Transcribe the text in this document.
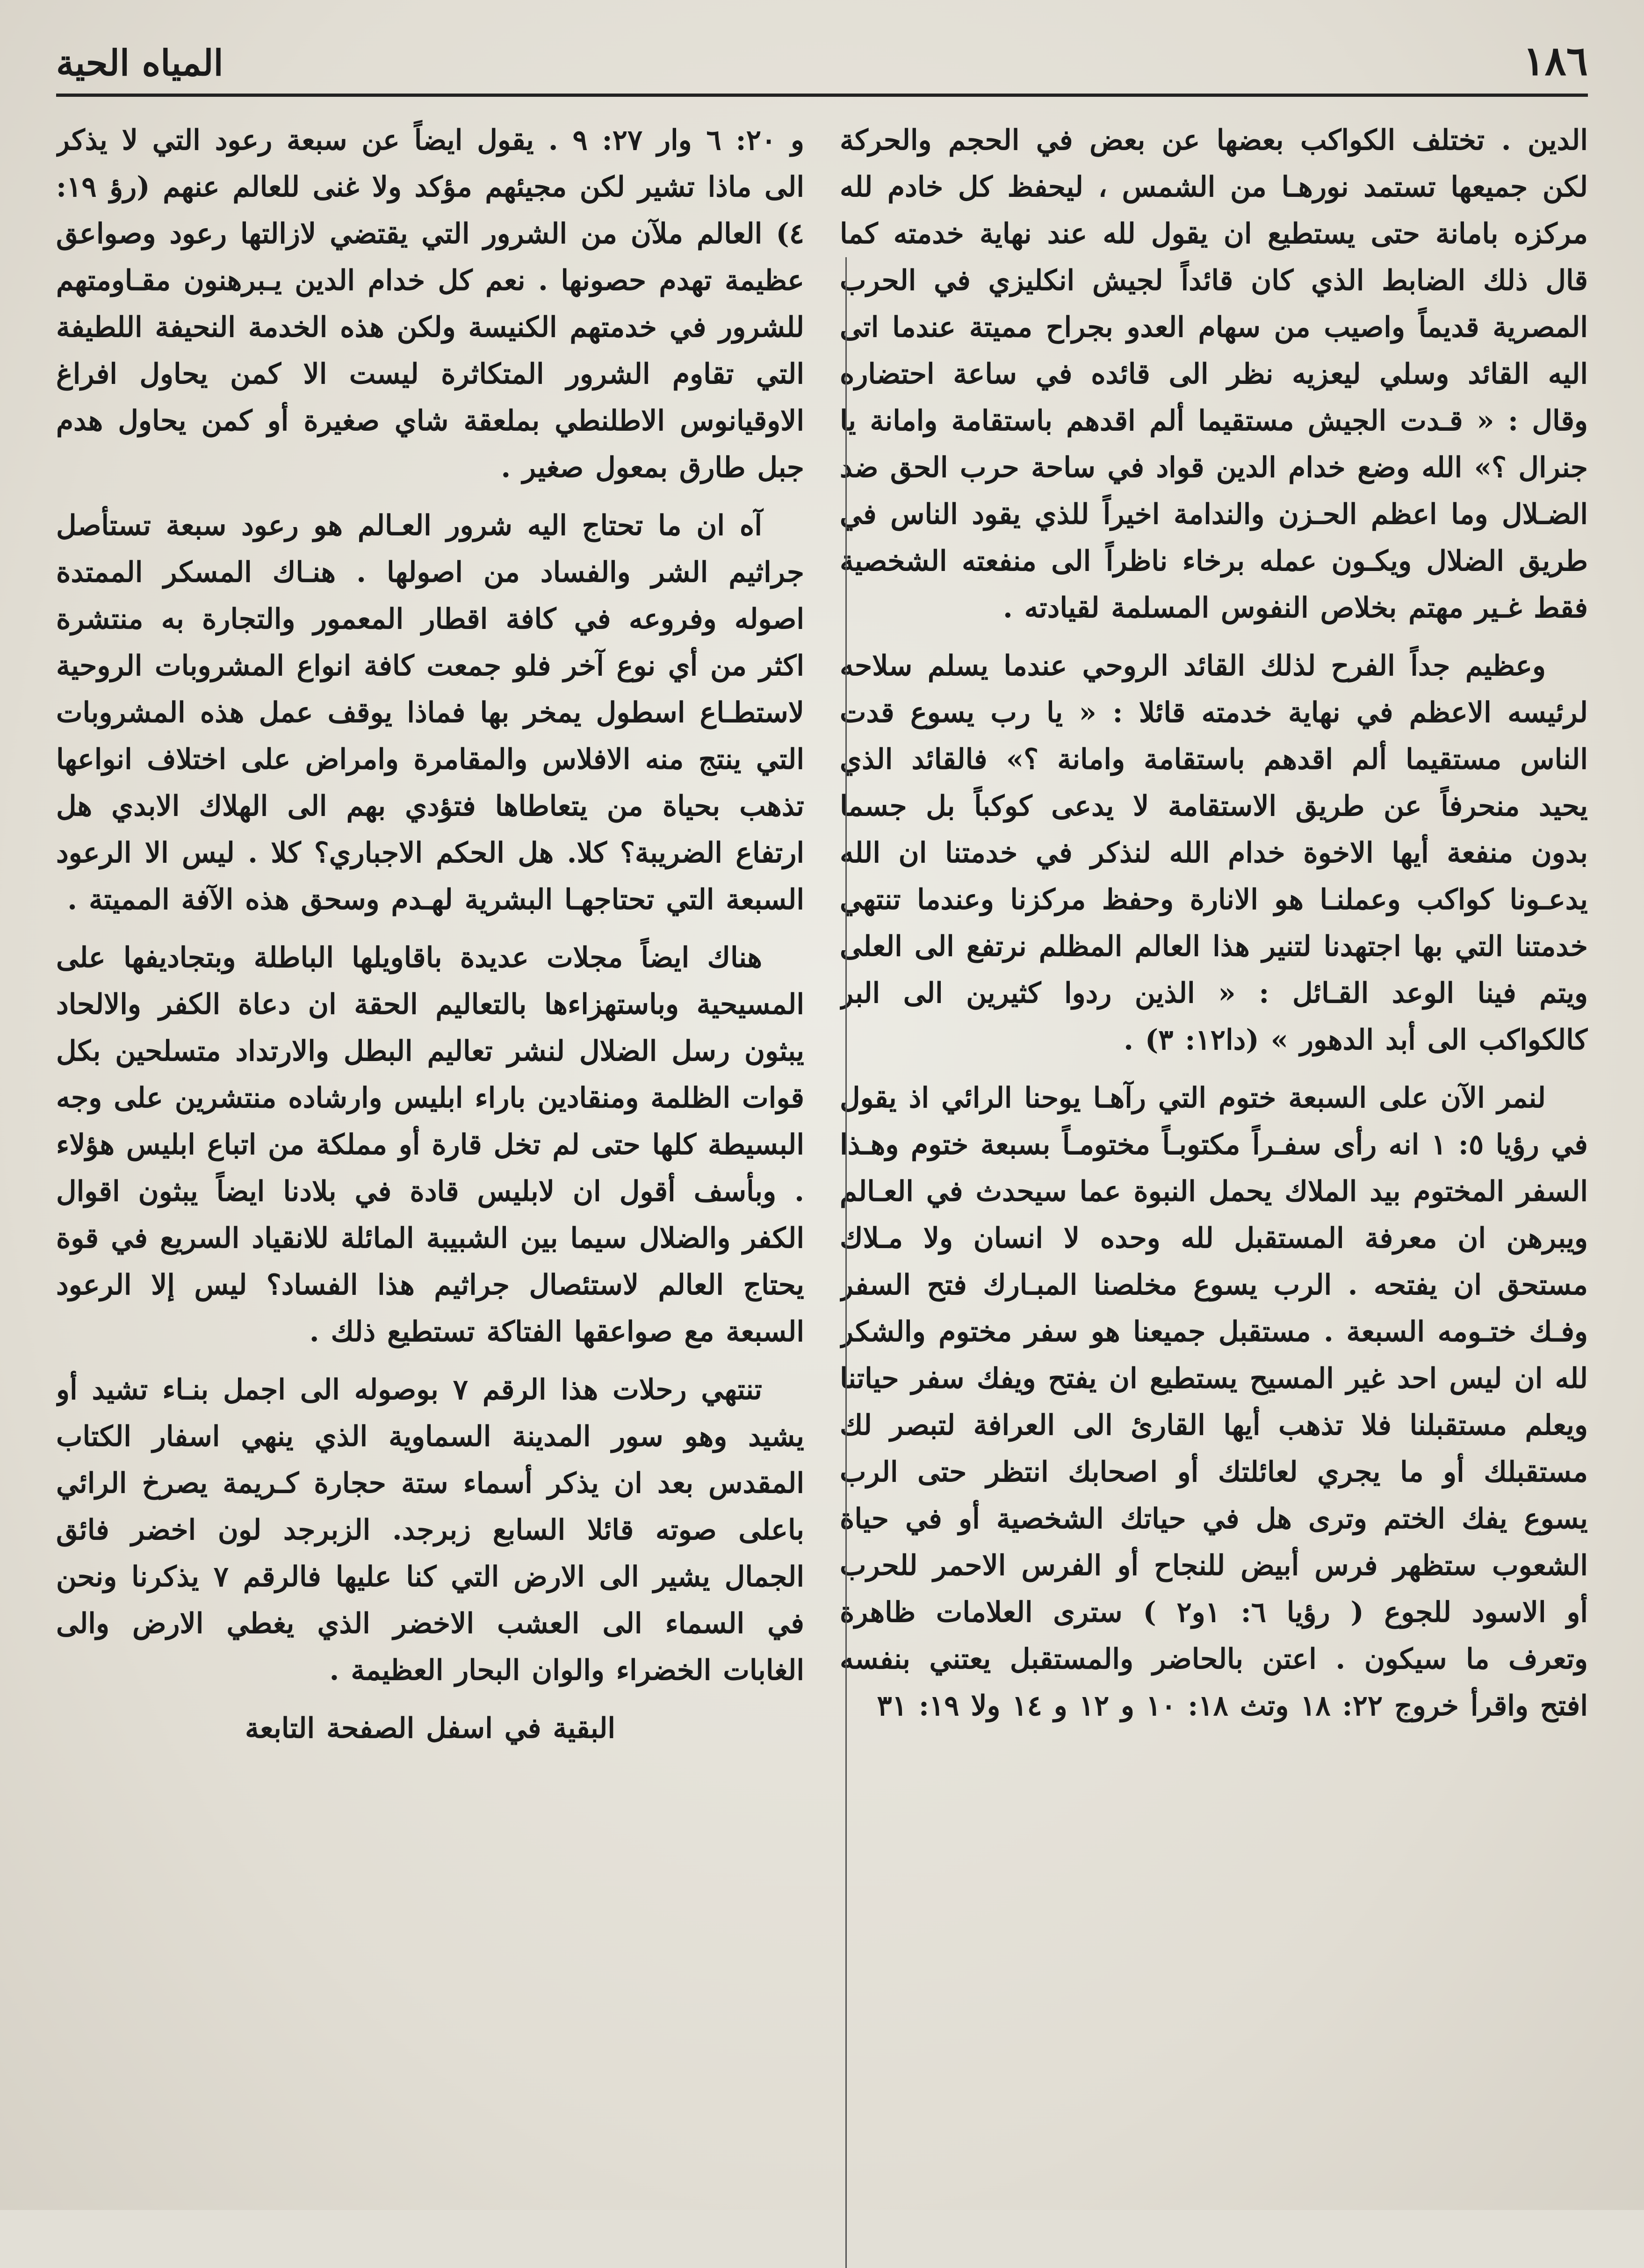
١٨٦
المياه الحية

الدين . تختلف الكواكب بعضها عن بعض في الحجم والحركة لكن جميعها تستمد نورهـا من الشمس ، ليحفظ كل خادم لله مركزه بامانة حتى يستطيع ان يقول لله عند نهاية خدمته كما قال ذلك الضابط الذي كان قائداً لجيش انكليزي في الحرب المصرية قديماً واصيب من سهام العدو بجراح مميتة عندما اتى اليه القائد وسلي ليعزيه نظر الى قائده في ساعة احتضاره وقال : « قـدت الجيش مستقيما ألم اقدهم باستقامة وامانة يا جنرال ؟» الله وضع خدام الدين قواد في ساحة حرب الحق ضد الضـلال وما اعظم الحـزن والندامة اخيراً للذي يقود الناس في طريق الضلال ويكـون عمله برخاء ناظراً الى منفعته الشخصية فقط غـير مهتم بخلاص النفوس المسلمة لقيادته .

وعظيم جداً الفرح لذلك القائد الروحي عندما يسلم سلاحه لرئيسه الاعظم في نهاية خدمته قائلا : « يا رب يسوع قدت الناس مستقيما ألم اقدهم باستقامة وامانة ؟» فالقائد الذي يحيد منحرفاً عن طريق الاستقامة لا يدعى كوكباً بل جسما بدون منفعة أيها الاخوة خدام الله لنذكر في خدمتنا ان الله يدعـونا كواكب وعملنـا هو الانارة وحفظ مركزنا وعندما تنتهي خدمتنا التي بها اجتهدنا لتنير هذا العالم المظلم نرتفع الى العلى ويتم فينا الوعد القـائل : « الذين ردوا كثيرين الى البر كالكواكب الى أبد الدهور » (دا١٢: ٣) .

لنمر الآن على السبعة ختوم التي رآهـا يوحنا الرائي اذ يقول في رؤيا ٥: ١ انه رأى سفـراً مكتوبـاً مختومـاً بسبعة ختوم وهـذا السفر المختوم بيد الملاك يحمل النبوة عما سيحدث في العـالم ويبرهن ان معرفة المستقبل لله وحده لا انسان ولا مـلاك مستحق ان يفتحه . الرب يسوع مخلصنا المبـارك فتح السفر وفـك ختـومه السبعة . مستقبل جميعنا هو سفر مختوم والشكر لله ان ليس احد غير المسيح يستطيع ان يفتح ويفك سفر حياتنا ويعلم مستقبلنا فلا تذهب أيها القارئ الى العرافة لتبصر لك مستقبلك أو ما يجري لعائلتك أو اصحابك انتظر حتى الرب يسوع يفك الختم وترى هل في حياتك الشخصية أو في حياة الشعوب ستظهر فرس أبيض للنجاح أو الفرس الاحمر للحرب أو الاسود للجوع ( رؤيا ٦: ١و٢ ) سترى العلامات ظاهرة وتعرف ما سيكون . اعتن بالحاضر والمستقبل يعتني بنفسه افتح واقرأ خروج ٢٢: ١٨ وتث ١٨: ١٠ و ١٢ و ١٤ ولا ١٩: ٣١

و ٢٠: ٦ وار ٢٧: ٩ . يقول ايضاً عن سبعة رعود التي لا يذكر الى ماذا تشير لكن مجيئهم مؤكد ولا غنى للعالم عنهم (رؤ ١٩: ٤) العالم ملآن من الشرور التي يقتضي لازالتها رعود وصواعق عظيمة تهدم حصونها . نعم كل خدام الدين يـبرهنون مقـاومتهم للشرور في خدمتهم الكنيسة ولكن هذه الخدمة النحيفة اللطيفة التي تقاوم الشرور المتكاثرة ليست الا كمن يحاول افراغ الاوقيانوس الاطلنطي بملعقة شاي صغيرة أو كمن يحاول هدم جبل طارق بمعول صغير .

آه ان ما تحتاج اليه شرور العـالم هو رعود سبعة تستأصل جراثيم الشر والفساد من اصولها . هنـاك المسكر الممتدة اصوله وفروعه في كافة اقطار المعمور والتجارة به منتشرة اكثر من أي نوع آخر فلو جمعت كافة انواع المشروبات الروحية لاستطـاع اسطول يمخر بها فماذا يوقف عمل هذه المشروبات التي ينتج منه الافلاس والمقامرة وامراض على اختلاف انواعها تذهب بحياة من يتعاطاها فتؤدي بهم الى الهلاك الابدي هل ارتفاع الضريبة؟ كلا. هل الحكم الاجباري؟ كلا . ليس الا الرعود السبعة التي تحتاجهـا البشرية لهـدم وسحق هذه الآفة المميتة .

هناك ايضاً مجلات عديدة باقاويلها الباطلة وبتجاديفها على المسيحية وباستهزاءها بالتعاليم الحقة ان دعاة الكفر والالحاد يبثون رسل الضلال لنشر تعاليم البطل والارتداد متسلحين بكل قوات الظلمة ومنقادين باراء ابليس وارشاده منتشرين على وجه البسيطة كلها حتى لم تخل قارة أو مملكة من اتباع ابليس هؤلاء . وبأسف أقول ان لابليس قادة في بلادنا ايضاً يبثون اقوال الكفر والضلال سيما بين الشبيبة المائلة للانقياد السريع في قوة يحتاج العالم لاستئصال جراثيم هذا الفساد؟ ليس إلا الرعود السبعة مع صواعقها الفتاكة تستطيع ذلك .

تنتهي رحلات هذا الرقم ٧ بوصوله الى اجمل بنـاء تشيد أو يشيد وهو سور المدينة السماوية الذي ينهي اسفار الكتاب المقدس بعد ان يذكر أسماء ستة حجارة كـريمة يصرخ الرائي باعلى صوته قائلا السابع زبرجد. الزبرجد لون اخضر فائق الجمال يشير الى الارض التي كنا عليها فالرقم ٧ يذكرنا ونحن في السماء الى العشب الاخضر الذي يغطي الارض والى الغابات الخضراء والوان البحار العظيمة .

البقية في اسفل الصفحة التابعة
